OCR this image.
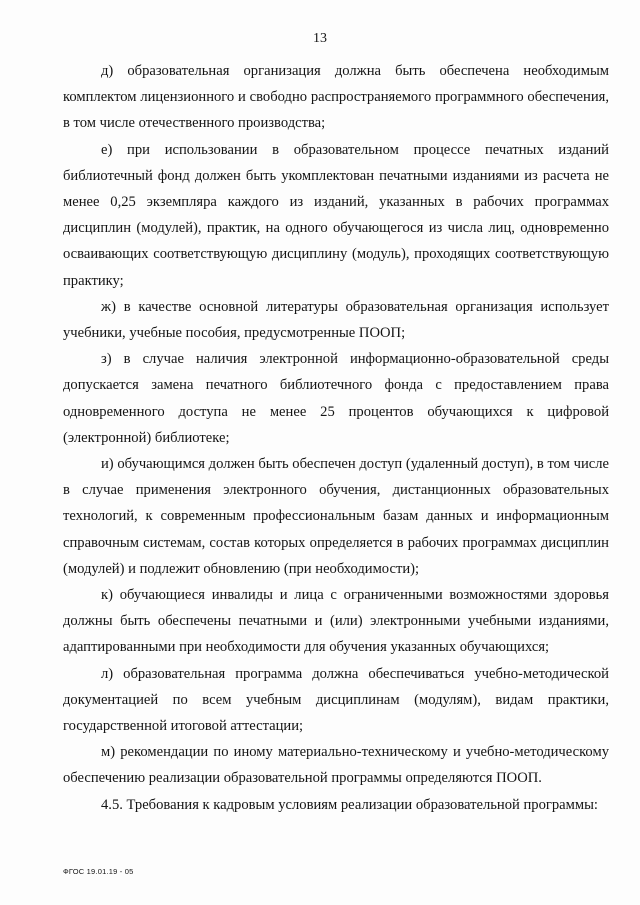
13

д) образовательная организация должна быть обеспечена необходимым комплектом лицензионного и свободно распространяемого программного обеспечения, в том числе отечественного производства;

е) при использовании в образовательном процессе печатных изданий библиотечный фонд должен быть укомплектован печатными изданиями из расчета не менее 0,25 экземпляра каждого из изданий, указанных в рабочих программах дисциплин (модулей), практик, на одного обучающегося из числа лиц, одновременно осваивающих соответствующую дисциплину (модуль), проходящих соответствующую практику;

ж) в качестве основной литературы образовательная организация использует учебники, учебные пособия, предусмотренные ПООП;

з) в случае наличия электронной информационно-образовательной среды допускается замена печатного библиотечного фонда с предоставлением права одновременного доступа не менее 25 процентов обучающихся к цифровой (электронной) библиотеке;

и) обучающимся должен быть обеспечен доступ (удаленный доступ), в том числе в случае применения электронного обучения, дистанционных образовательных технологий, к современным профессиональным базам данных и информационным справочным системам, состав которых определяется в рабочих программах дисциплин (модулей) и подлежит обновлению (при необходимости);

к) обучающиеся инвалиды и лица с ограниченными возможностями здоровья должны быть обеспечены печатными и (или) электронными учебными изданиями, адаптированными при необходимости для обучения указанных обучающихся;

л) образовательная программа должна обеспечиваться учебно-методической документацией по всем учебным дисциплинам (модулям), видам практики, государственной итоговой аттестации;

м) рекомендации по иному материально-техническому и учебно-методическому обеспечению реализации образовательной программы определяются ПООП.

4.5. Требования к кадровым условиям реализации образовательной программы:

ФГОС 19.01.19 - 05
